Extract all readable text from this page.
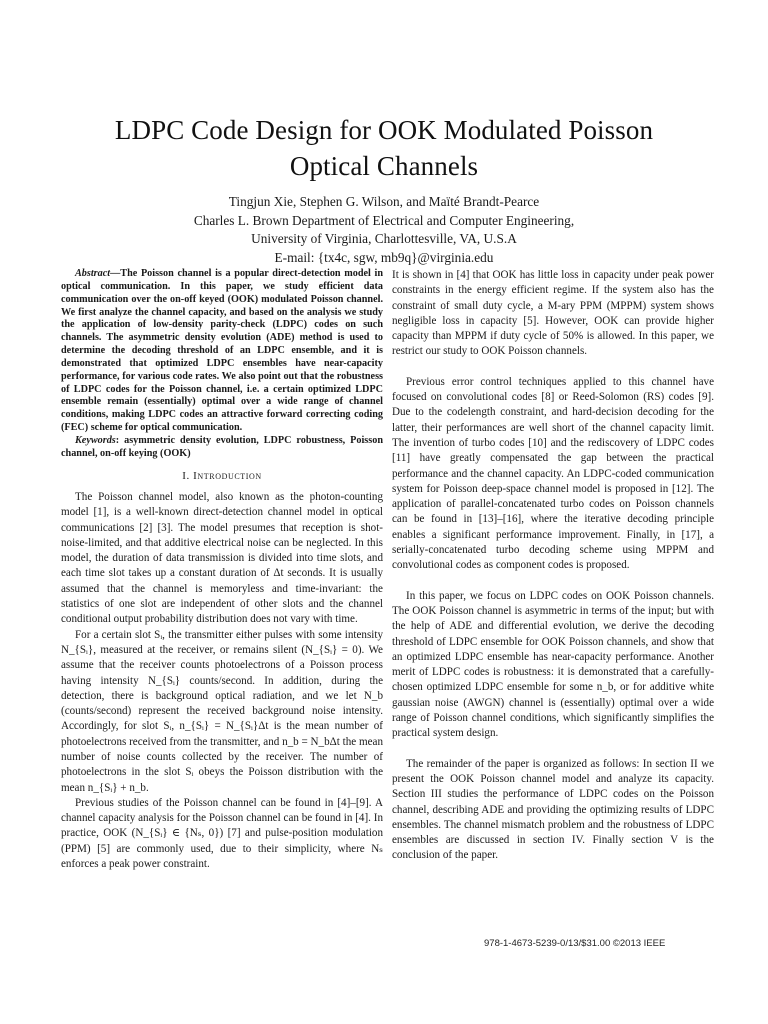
LDPC Code Design for OOK Modulated Poisson
Optical Channels
Tingjun Xie, Stephen G. Wilson, and Maïté Brandt-Pearce
Charles L. Brown Department of Electrical and Computer Engineering,
University of Virginia, Charlottesville, VA, U.S.A
E-mail: {tx4c, sgw, mb9q}@virginia.edu

Abstract—The Poisson channel is a popular direct-detection model in optical communication. In this paper, we study efficient data communication over the on-off keyed (OOK) modulated Poisson channel. We first analyze the channel capacity, and based on the analysis we study the application of low-density parity-check (LDPC) codes on such channels. The asymmetric density evolution (ADE) method is used to determine the decoding threshold of an LDPC ensemble, and it is demonstrated that optimized LDPC ensembles have near-capacity performance, for various code rates. We also point out that the robustness of LDPC codes for the Poisson channel, i.e. a certain optimized LDPC ensemble remain (essentially) optimal over a wide range of channel conditions, making LDPC codes an attractive forward correcting coding (FEC) scheme for optical communication.

Keywords: asymmetric density evolution, LDPC robustness, Poisson channel, on-off keying (OOK)

I. Introduction

The Poisson channel model, also known as the photon-counting model [1], is a well-known direct-detection channel model in optical communications [2] [3]. The model presumes that reception is shot-noise-limited, and that additive electrical noise can be neglected. In this model, the duration of data transmission is divided into time slots, and each time slot takes up a constant duration of Δt seconds. It is usually assumed that the channel is memoryless and time-invariant: the statistics of one slot are independent of other slots and the channel conditional output probability distribution does not vary with time.

For a certain slot Sᵢ, the transmitter either pulses with some intensity N_{Sᵢ}, measured at the receiver, or remains silent (N_{Sᵢ} = 0). We assume that the receiver counts photoelectrons of a Poisson process having intensity N_{Sᵢ} counts/second. In addition, during the detection, there is background optical radiation, and we let N_b (counts/second) represent the received background noise intensity. Accordingly, for slot Sᵢ, n_{Sᵢ} = N_{Sᵢ}Δt is the mean number of photoelectrons received from the transmitter, and n_b = N_bΔt the mean number of noise counts collected by the receiver. The number of photoelectrons in the slot Sᵢ obeys the Poisson distribution with the mean n_{Sᵢ} + n_b.

Previous studies of the Poisson channel can be found in [4]–[9]. A channel capacity analysis for the Poisson channel can be found in [4]. In practice, OOK (N_{Sᵢ} ∈ {Nₛ, 0}) [7] and pulse-position modulation (PPM) [5] are commonly used, due to their simplicity, where Nₛ enforces a peak power constraint.

It is shown in [4] that OOK has little loss in capacity under peak power constraints in the energy efficient regime. If the system also has the constraint of small duty cycle, a M-ary PPM (MPPM) system shows negligible loss in capacity [5]. However, OOK can provide higher capacity than MPPM if duty cycle of 50% is allowed. In this paper, we restrict our study to OOK Poisson channels.

Previous error control techniques applied to this channel have focused on convolutional codes [8] or Reed-Solomon (RS) codes [9]. Due to the codelength constraint, and hard-decision decoding for the latter, their performances are well short of the channel capacity limit. The invention of turbo codes [10] and the rediscovery of LDPC codes [11] have greatly compensated the gap between the practical performance and the channel capacity. An LDPC-coded communication system for Poisson deep-space channel model is proposed in [12]. The application of parallel-concatenated turbo codes on Poisson channels can be found in [13]–[16], where the iterative decoding principle enables a significant performance improvement. Finally, in [17], a serially-concatenated turbo decoding scheme using MPPM and convolutional codes as component codes is proposed.

In this paper, we focus on LDPC codes on OOK Poisson channels. The OOK Poisson channel is asymmetric in terms of the input; but with the help of ADE and differential evolution, we derive the decoding threshold of LDPC ensemble for OOK Poisson channels, and show that an optimized LDPC ensemble has near-capacity performance. Another merit of LDPC codes is robustness: it is demonstrated that a carefully-chosen optimized LDPC ensemble for some n_b, or for additive white gaussian noise (AWGN) channel is (essentially) optimal over a wide range of Poisson channel conditions, which significantly simplifies the practical system design.

The remainder of the paper is organized as follows: In section II we present the OOK Poisson channel model and analyze its capacity. Section III studies the performance of LDPC codes on the Poisson channel, describing ADE and providing the optimizing results of LDPC ensembles. The channel mismatch problem and the robustness of LDPC ensembles are discussed in section IV. Finally section V is the conclusion of the paper.

978-1-4673-5239-0/13/$31.00 ©2013 IEEE
